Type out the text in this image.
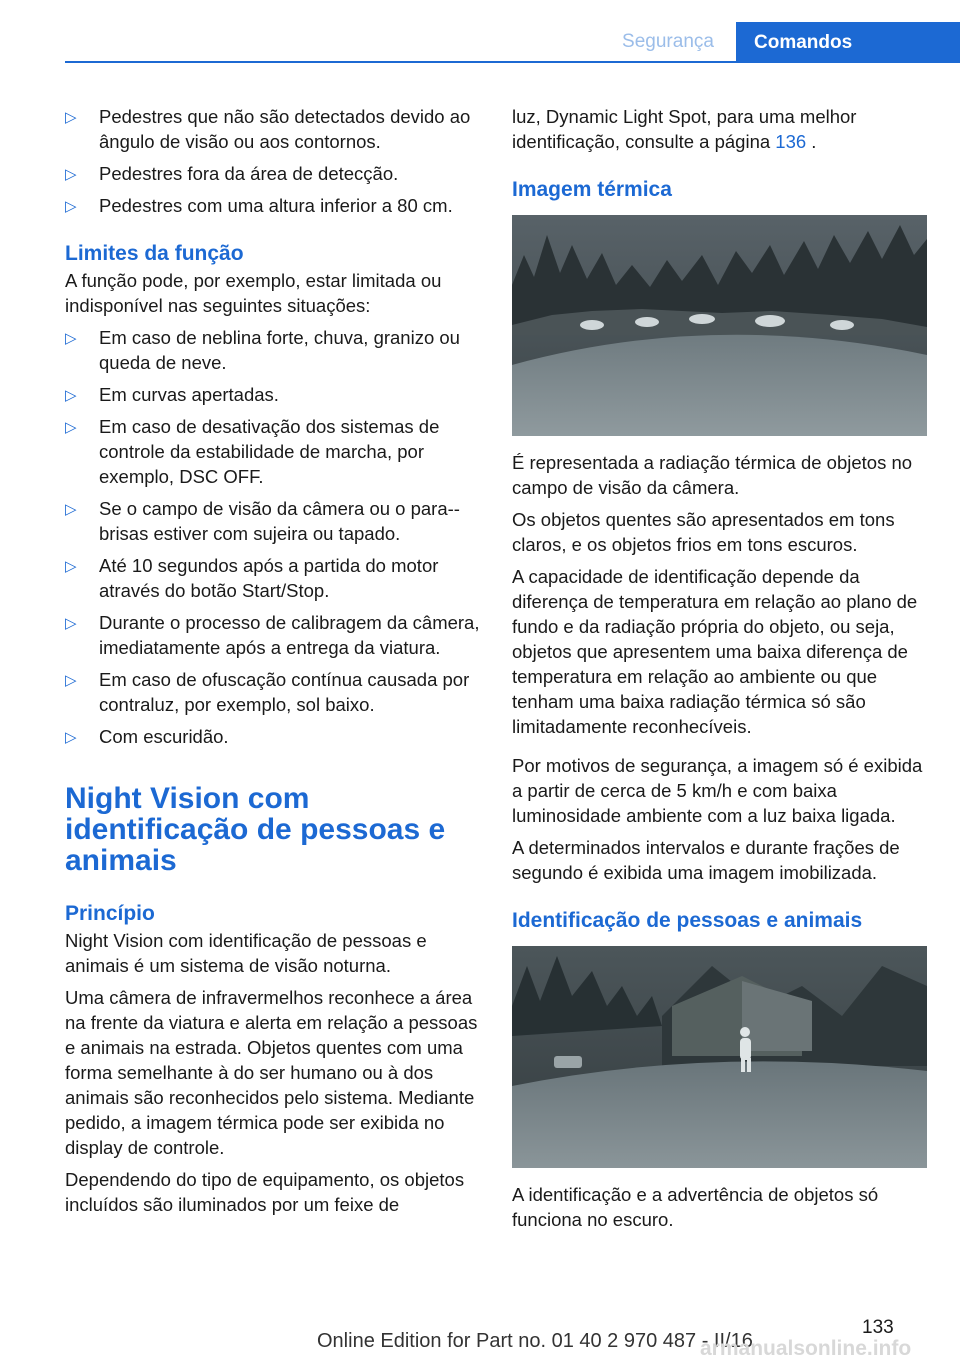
Segurança	Comandos
▷ Pedestres que não são detectados devido ao ângulo de visão ou aos contornos.
▷ Pedestres fora da área de detecção.
▷ Pedestres com uma altura inferior a 80 cm.
Limites da função

A função pode, por exemplo, estar limitada ou indisponível nas seguintes situações:

▷ Em caso de neblina forte, chuva, granizo ou queda de neve.
▷ Em curvas apertadas.
▷ Em caso de desativação dos sistemas de controle da estabilidade de marcha, por exemplo, DSC OFF.
▷ Se o campo de visão da câmera ou o para--brisas estiver com sujeira ou tapado.
▷ Até 10 segundos após a partida do motor através do botão Start/Stop.
▷ Durante o processo de calibragem da câmera, imediatamente após a entrega da viatura.
▷ Em caso de ofuscação contínua causada por contraluz, por exemplo, sol baixo.
▷ Com escuridão.
Night Vision com identificação de pessoas e animais
Princípio

Night Vision com identificação de pessoas e animais é um sistema de visão noturna.

Uma câmera de infravermelhos reconhece a área na frente da viatura e alerta em relação a pessoas e animais na estrada. Objetos quentes com uma forma semelhante à do ser humano ou à dos animais são reconhecidos pelo sistema. Mediante pedido, a imagem térmica pode ser exibida no display de controle.

Dependendo do tipo de equipamento, os objetos incluídos são iluminados por um feixe de

luz, Dynamic Light Spot, para uma melhor identificação, consulte a página 136 .

Imagem térmica

É representada a radiação térmica de objetos no campo de visão da câmera.

Os objetos quentes são apresentados em tons claros, e os objetos frios em tons escuros.

A capacidade de identificação depende da diferença de temperatura em relação ao plano de fundo e da radiação própria do objeto, ou seja, objetos que apresentem uma baixa diferença de temperatura em relação ao ambiente ou que tenham uma baixa radiação térmica só são limitadamente reconhecíveis.

Por motivos de segurança, a imagem só é exibida a partir de cerca de 5 km/h e com baixa luminosidade ambiente com a luz baixa ligada.

A determinados intervalos e durante frações de segundo é exibida uma imagem imobilizada.

Identificação de pessoas e animais

A identificação e a advertência de objetos só funciona no escuro.

133
Online Edition for Part no. 01 40 2 970 487 - II/16
armanualsonline.info
